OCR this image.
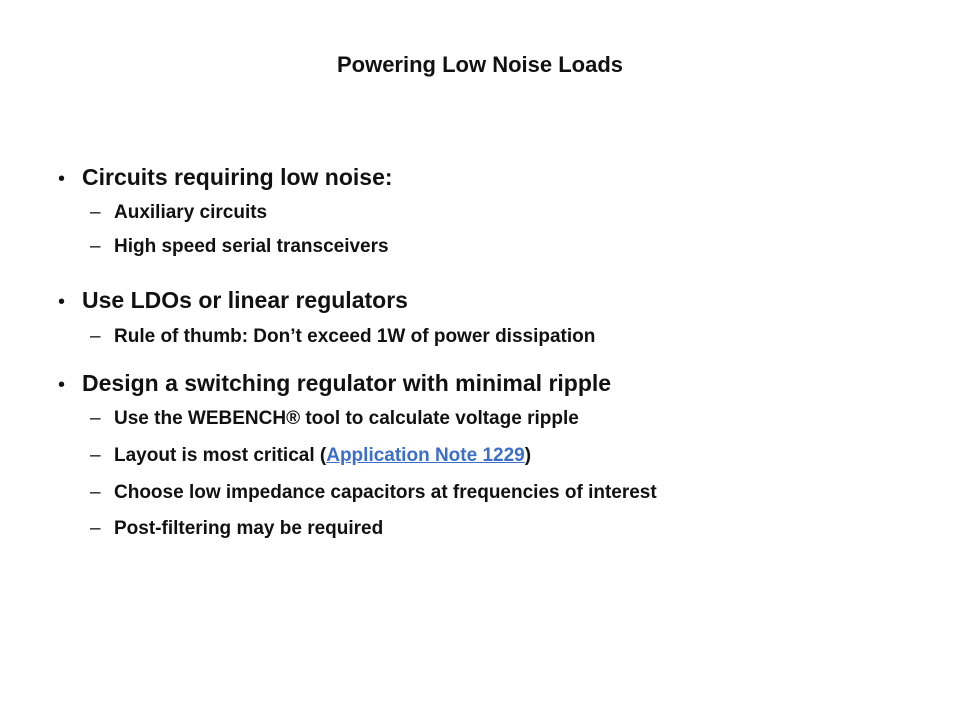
Powering Low Noise Loads
• Circuits requiring low noise:
– Auxiliary circuits
– High speed serial transceivers
• Use LDOs or linear regulators
– Rule of thumb: Don’t exceed 1W of power dissipation
• Design a switching regulator with minimal ripple
– Use the WEBENCH® tool to calculate voltage ripple
– Layout is most critical ( Application Note 1229 )
– Choose low impedance capacitors at frequencies of interest
– Post-filtering may be required
